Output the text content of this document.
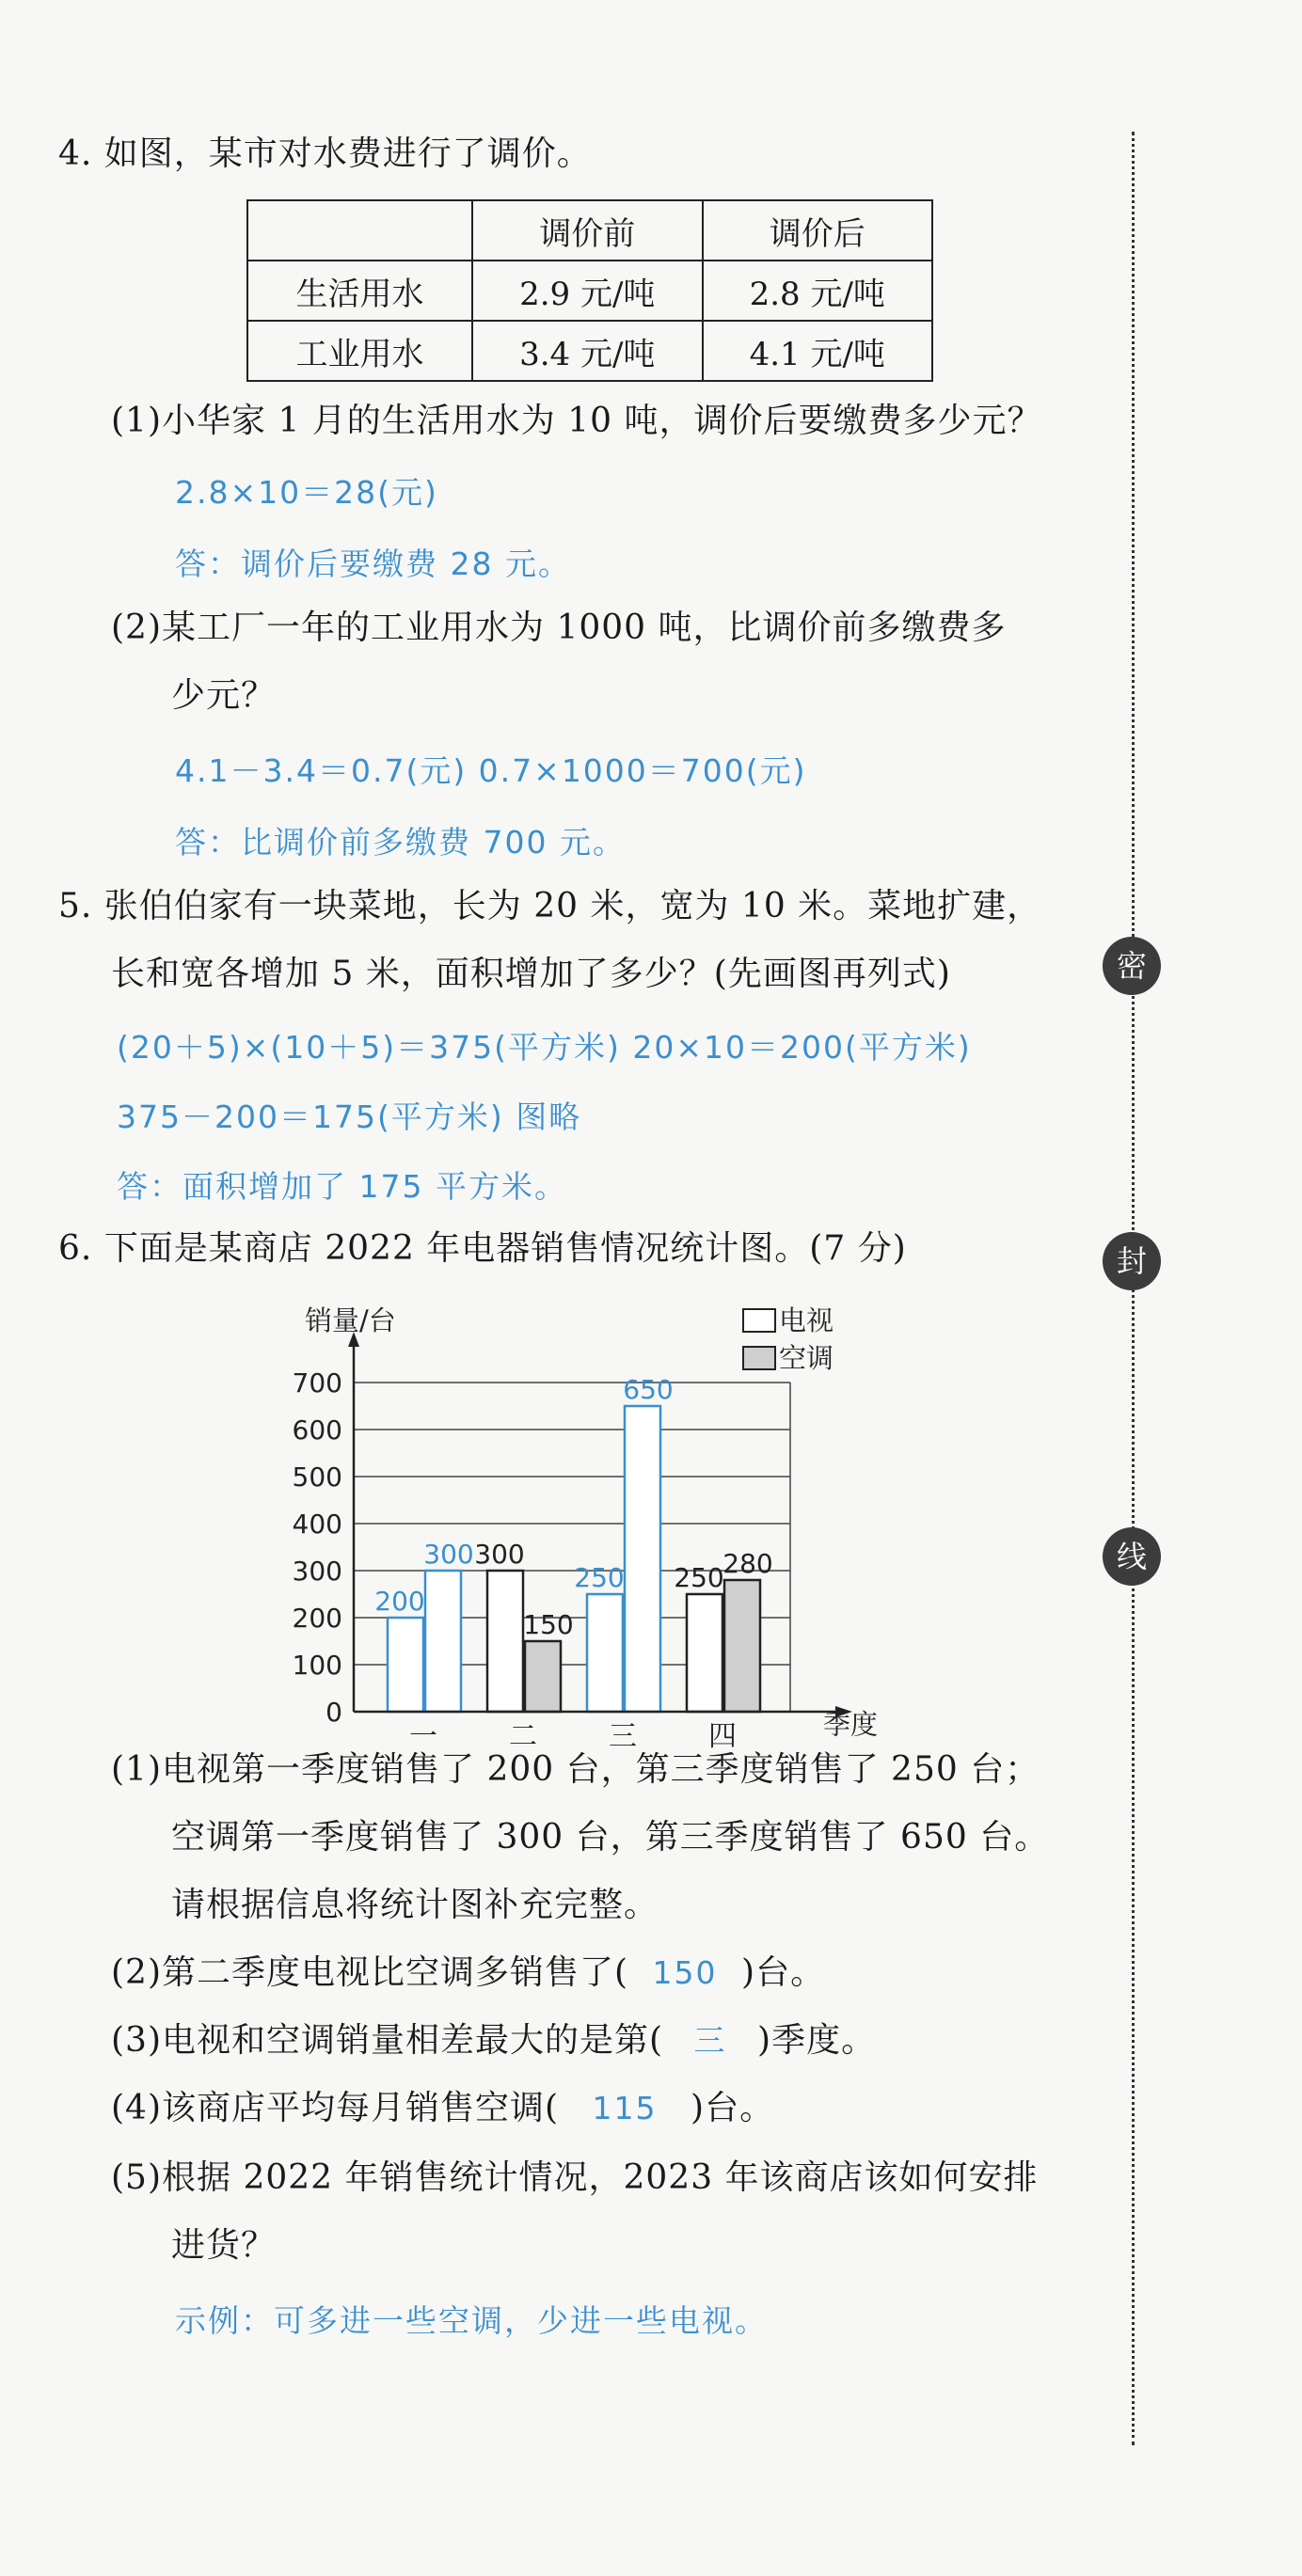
4. 如图，某市对水费进行了调价。
	调价前	调价后
生活用水	2.9 元/吨	2.8 元/吨
工业用水	3.4 元/吨	4.1 元/吨
(1)小华家 1 月的生活用水为 10 吨，调价后要缴费多少元？
2.8×10＝28(元)
答：调价后要缴费 28 元。
(2)某工厂一年的工业用水为 1000 吨，比调价前多缴费多
少元？
4.1－3.4＝0.7(元) 0.7×1000＝700(元)
答：比调价前多缴费 700 元。
5. 张伯伯家有一块菜地，长为 20 米，宽为 10 米。菜地扩建，
长和宽各增加 5 米，面积增加了多少？(先画图再列式)
(20＋5)×(10＋5)＝375(平方米) 20×10＝200(平方米)
375－200＝175(平方米) 图略
答：面积增加了 175 平方米。
6. 下面是某商店 2022 年电器销售情况统计图。(7 分)
0
100
200
300
400
500
600
700
一	二	三	四
200
300 300
150
250
650
250
280
销量/台
季度
电视
空调
(1)电视第一季度销售了 200 台，第三季度销售了 250 台；
空调第一季度销售了 300 台，第三季度销售了 650 台。
请根据信息将统计图补充完整。
(2)第二季度电视比空调多销售了( 150 )台。
(3)电视和空调销量相差最大的是第( 三 )季度。
(4)该商店平均每月销售空调( 115 )台。
(5)根据 2022 年销售统计情况，2023 年该商店该如何安排
进货？
示例：可多进一些空调，少进一些电视。
密
封
线
